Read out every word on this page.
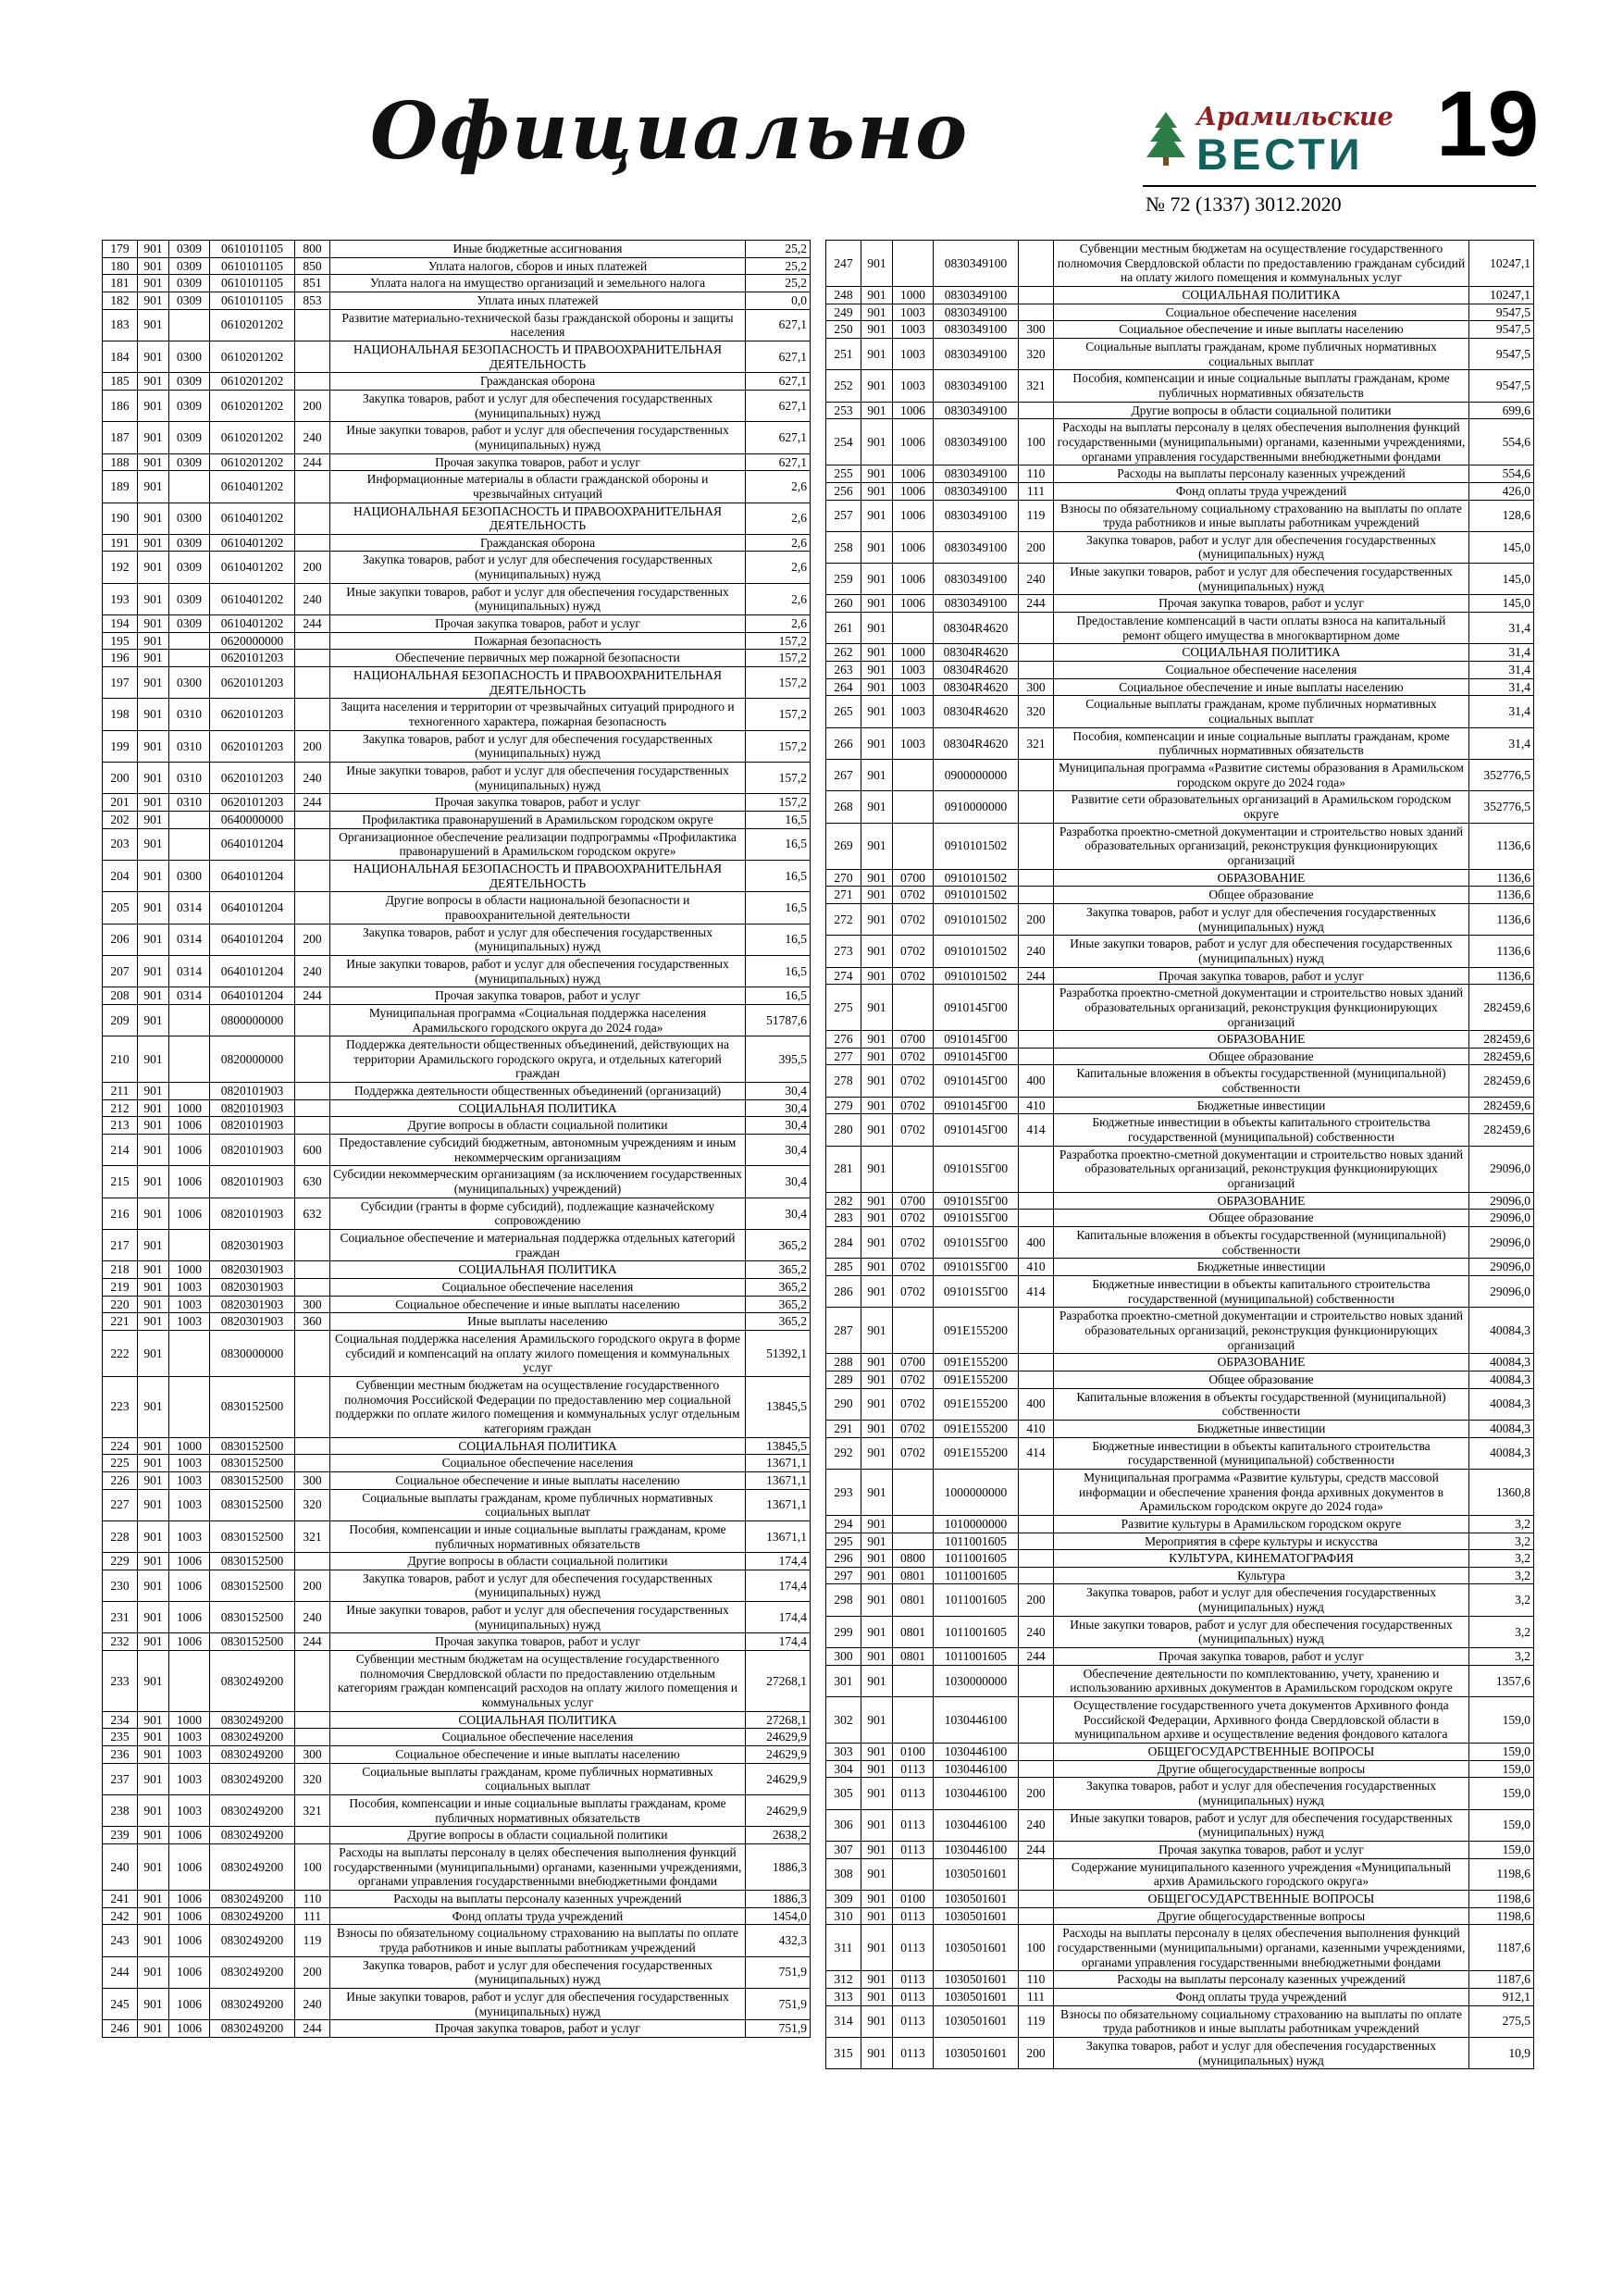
Официально	Арамильские
ВЕСТИ 19
№ 72 (1337) 3012.2020
179	901	0309	0610101105	800	Иные бюджетные ассигнования	25,2
180	901	0309	0610101105	850	Уплата налогов, сборов и иных платежей	25,2
181	901	0309	0610101105	851	Уплата налога на имущество организаций и земельного налога	25,2
182	901	0309	0610101105	853	Уплата иных платежей	0,0
183	901		0610201202		Развитие материально-технической базы гражданской обороны и защиты населения	627,1
184	901	0300	0610201202		НАЦИОНАЛЬНАЯ БЕЗОПАСНОСТЬ И ПРАВООХРАНИТЕЛЬНАЯ ДЕЯТЕЛЬНОСТЬ	627,1
185	901	0309	0610201202		Гражданская оборона	627,1
186	901	0309	0610201202	200	Закупка товаров, работ и услуг для обеспечения государственных (муниципальных) нужд	627,1
187	901	0309	0610201202	240	Иные закупки товаров, работ и услуг для обеспечения государственных (муниципальных) нужд	627,1
188	901	0309	0610201202	244	Прочая закупка товаров, работ и услуг	627,1
189	901		0610401202		Информационные материалы в области гражданской обороны и чрезвычайных ситуаций	2,6
190	901	0300	0610401202		НАЦИОНАЛЬНАЯ БЕЗОПАСНОСТЬ И ПРАВООХРАНИТЕЛЬНАЯ ДЕЯТЕЛЬНОСТЬ	2,6
191	901	0309	0610401202		Гражданская оборона	2,6
192	901	0309	0610401202	200	Закупка товаров, работ и услуг для обеспечения государственных (муниципальных) нужд	2,6
193	901	0309	0610401202	240	Иные закупки товаров, работ и услуг для обеспечения государственных (муниципальных) нужд	2,6
194	901	0309	0610401202	244	Прочая закупка товаров, работ и услуг	2,6
195	901		0620000000		Пожарная безопасность	157,2
196	901		0620101203		Обеспечение первичных мер пожарной безопасности	157,2
197	901	0300	0620101203		НАЦИОНАЛЬНАЯ БЕЗОПАСНОСТЬ И ПРАВООХРАНИТЕЛЬНАЯ ДЕЯТЕЛЬНОСТЬ	157,2
198	901	0310	0620101203		Защита населения и территории от чрезвычайных ситуаций природного и техногенного характера, пожарная безопасность	157,2
199	901	0310	0620101203	200	Закупка товаров, работ и услуг для обеспечения государственных (муниципальных) нужд	157,2
200	901	0310	0620101203	240	Иные закупки товаров, работ и услуг для обеспечения государственных (муниципальных) нужд	157,2
201	901	0310	0620101203	244	Прочая закупка товаров, работ и услуг	157,2
202	901		0640000000		Профилактика правонарушений в Арамильском городском округе	16,5
203	901		0640101204		Организационное обеспечение реализации подпрограммы «Профилактика правонарушений в Арамильском городском округе»	16,5
204	901	0300	0640101204		НАЦИОНАЛЬНАЯ БЕЗОПАСНОСТЬ И ПРАВООХРАНИТЕЛЬНАЯ ДЕЯТЕЛЬНОСТЬ	16,5
205	901	0314	0640101204		Другие вопросы в области национальной безопасности и правоохранительной деятельности	16,5
206	901	0314	0640101204	200	Закупка товаров, работ и услуг для обеспечения государственных (муниципальных) нужд	16,5
207	901	0314	0640101204	240	Иные закупки товаров, работ и услуг для обеспечения государственных (муниципальных) нужд	16,5
208	901	0314	0640101204	244	Прочая закупка товаров, работ и услуг	16,5
209	901		0800000000		Муниципальная программа «Социальная поддержка населения Арамильского городского округа до 2024 года»	51787,6
210	901		0820000000		Поддержка деятельности общественных объединений, действующих на территории Арамильского городского округа, и отдельных категорий граждан	395,5
211	901		0820101903		Поддержка деятельности общественных объединений (организаций)	30,4
212	901	1000	0820101903		СОЦИАЛЬНАЯ ПОЛИТИКА	30,4
213	901	1006	0820101903		Другие вопросы в области социальной политики	30,4
214	901	1006	0820101903	600	Предоставление субсидий бюджетным, автономным учреждениям и иным некоммерческим организациям	30,4
215	901	1006	0820101903	630	Субсидии некоммерческим организациям (за исключением государственных (муниципальных) учреждений)	30,4
216	901	1006	0820101903	632	Субсидии (гранты в форме субсидий), подлежащие казначейскому сопровождению	30,4
217	901		0820301903		Социальное обеспечение и материальная поддержка отдельных категорий граждан	365,2
218	901	1000	0820301903		СОЦИАЛЬНАЯ ПОЛИТИКА	365,2
219	901	1003	0820301903		Социальное обеспечение населения	365,2
220	901	1003	0820301903	300	Социальное обеспечение и иные выплаты населению	365,2
221	901	1003	0820301903	360	Иные выплаты населению	365,2
222	901		0830000000		Социальная поддержка населения Арамильского городского округа в форме субсидий и компенсаций на оплату жилого помещения и коммунальных услуг	51392,1
223	901		0830152500		Субвенции местным бюджетам на осуществление государственного полномочия Российской Федерации по предоставлению мер социальной поддержки по оплате жилого помещения и коммунальных услуг отдельным категориям граждан	13845,5
224	901	1000	0830152500		СОЦИАЛЬНАЯ ПОЛИТИКА	13845,5
225	901	1003	0830152500		Социальное обеспечение населения	13671,1
226	901	1003	0830152500	300	Социальное обеспечение и иные выплаты населению	13671,1
227	901	1003	0830152500	320	Социальные выплаты гражданам, кроме публичных нормативных социальных выплат	13671,1
228	901	1003	0830152500	321	Пособия, компенсации и иные социальные выплаты гражданам, кроме публичных нормативных обязательств	13671,1
229	901	1006	0830152500		Другие вопросы в области социальной политики	174,4
230	901	1006	0830152500	200	Закупка товаров, работ и услуг для обеспечения государственных (муниципальных) нужд	174,4
231	901	1006	0830152500	240	Иные закупки товаров, работ и услуг для обеспечения государственных (муниципальных) нужд	174,4
232	901	1006	0830152500	244	Прочая закупка товаров, работ и услуг	174,4
233	901		0830249200		Субвенции местным бюджетам на осуществление государственного полномочия Свердловской области по предоставлению отдельным категориям граждан компенсаций расходов на оплату жилого помещения и коммунальных услуг	27268,1
234	901	1000	0830249200		СОЦИАЛЬНАЯ ПОЛИТИКА	27268,1
235	901	1003	0830249200		Социальное обеспечение населения	24629,9
236	901	1003	0830249200	300	Социальное обеспечение и иные выплаты населению	24629,9
237	901	1003	0830249200	320	Социальные выплаты гражданам, кроме публичных нормативных социальных выплат	24629,9
238	901	1003	0830249200	321	Пособия, компенсации и иные социальные выплаты гражданам, кроме публичных нормативных обязательств	24629,9
239	901	1006	0830249200		Другие вопросы в области социальной политики	2638,2
240	901	1006	0830249200	100	Расходы на выплаты персоналу в целях обеспечения выполнения функций государственными (муниципальными) органами, казенными учреждениями, органами управления государственными внебюджетными фондами	1886,3
241	901	1006	0830249200	110	Расходы на выплаты персоналу казенных учреждений	1886,3
242	901	1006	0830249200	111	Фонд оплаты труда учреждений	1454,0
243	901	1006	0830249200	119	Взносы по обязательному социальному страхованию на выплаты по оплате труда работников и иные выплаты работникам учреждений	432,3
244	901	1006	0830249200	200	Закупка товаров, работ и услуг для обеспечения государственных (муниципальных) нужд	751,9
245	901	1006	0830249200	240	Иные закупки товаров, работ и услуг для обеспечения государственных (муниципальных) нужд	751,9
246	901	1006	0830249200	244	Прочая закупка товаров, работ и услуг	751,9
247	901		0830349100		Субвенции местным бюджетам на осуществление государственного полномочия Свердловской области по предоставлению гражданам субсидий на оплату жилого помещения и коммунальных услуг	10247,1
248	901	1000	0830349100		СОЦИАЛЬНАЯ ПОЛИТИКА	10247,1
249	901	1003	0830349100		Социальное обеспечение населения	9547,5
250	901	1003	0830349100	300	Социальное обеспечение и иные выплаты населению	9547,5
251	901	1003	0830349100	320	Социальные выплаты гражданам, кроме публичных нормативных социальных выплат	9547,5
252	901	1003	0830349100	321	Пособия, компенсации и иные социальные выплаты гражданам, кроме публичных нормативных обязательств	9547,5
253	901	1006	0830349100		Другие вопросы в области социальной политики	699,6
254	901	1006	0830349100	100	Расходы на выплаты персоналу в целях обеспечения выполнения функций государственными (муниципальными) органами, казенными учреждениями, органами управления государственными внебюджетными фондами	554,6
255	901	1006	0830349100	110	Расходы на выплаты персоналу казенных учреждений	554,6
256	901	1006	0830349100	111	Фонд оплаты труда учреждений	426,0
257	901	1006	0830349100	119	Взносы по обязательному социальному страхованию на выплаты по оплате труда работников и иные выплаты работникам учреждений	128,6
258	901	1006	0830349100	200	Закупка товаров, работ и услуг для обеспечения государственных (муниципальных) нужд	145,0
259	901	1006	0830349100	240	Иные закупки товаров, работ и услуг для обеспечения государственных (муниципальных) нужд	145,0
260	901	1006	0830349100	244	Прочая закупка товаров, работ и услуг	145,0
261	901		08304R4620		Предоставление компенсаций в части оплаты взноса на капитальный ремонт общего имущества в многоквартирном доме	31,4
262	901	1000	08304R4620		СОЦИАЛЬНАЯ ПОЛИТИКА	31,4
263	901	1003	08304R4620		Социальное обеспечение населения	31,4
264	901	1003	08304R4620	300	Социальное обеспечение и иные выплаты населению	31,4
265	901	1003	08304R4620	320	Социальные выплаты гражданам, кроме публичных нормативных социальных выплат	31,4
266	901	1003	08304R4620	321	Пособия, компенсации и иные социальные выплаты гражданам, кроме публичных нормативных обязательств	31,4
267	901		0900000000		Муниципальная программа «Развитие системы образования в Арамильском городском округе до 2024 года»	352776,5
268	901		0910000000		Развитие сети образовательных организаций в Арамильском городском округе	352776,5
269	901		0910101502		Разработка проектно-сметной документации и строительство новых зданий образовательных организаций, реконструкция функционирующих организаций	1136,6
270	901	0700	0910101502		ОБРАЗОВАНИЕ	1136,6
271	901	0702	0910101502		Общее образование	1136,6
272	901	0702	0910101502	200	Закупка товаров, работ и услуг для обеспечения государственных (муниципальных) нужд	1136,6
273	901	0702	0910101502	240	Иные закупки товаров, работ и услуг для обеспечения государственных (муниципальных) нужд	1136,6
274	901	0702	0910101502	244	Прочая закупка товаров, работ и услуг	1136,6
275	901		0910145Г00		Разработка проектно-сметной документации и строительство новых зданий образовательных организаций, реконструкция функционирующих организаций	282459,6
276	901	0700	0910145Г00		ОБРАЗОВАНИЕ	282459,6
277	901	0702	0910145Г00		Общее образование	282459,6
278	901	0702	0910145Г00	400	Капитальные вложения в объекты государственной (муниципальной) собственности	282459,6
279	901	0702	0910145Г00	410	Бюджетные инвестиции	282459,6
280	901	0702	0910145Г00	414	Бюджетные инвестиции в объекты капитального строительства государственной (муниципальной) собственности	282459,6
281	901		09101S5Г00		Разработка проектно-сметной документации и строительство новых зданий образовательных организаций, реконструкция функционирующих организаций	29096,0
282	901	0700	09101S5Г00		ОБРАЗОВАНИЕ	29096,0
283	901	0702	09101S5Г00		Общее образование	29096,0
284	901	0702	09101S5Г00	400	Капитальные вложения в объекты государственной (муниципальной) собственности	29096,0
285	901	0702	09101S5Г00	410	Бюджетные инвестиции	29096,0
286	901	0702	09101S5Г00	414	Бюджетные инвестиции в объекты капитального строительства государственной (муниципальной) собственности	29096,0
287	901		091E155200		Разработка проектно-сметной документации и строительство новых зданий образовательных организаций, реконструкция функционирующих организаций	40084,3
288	901	0700	091E155200		ОБРАЗОВАНИЕ	40084,3
289	901	0702	091E155200		Общее образование	40084,3
290	901	0702	091E155200	400	Капитальные вложения в объекты государственной (муниципальной) собственности	40084,3
291	901	0702	091E155200	410	Бюджетные инвестиции	40084,3
292	901	0702	091E155200	414	Бюджетные инвестиции в объекты капитального строительства государственной (муниципальной) собственности	40084,3
293	901		1000000000		Муниципальная программа «Развитие культуры, средств массовой информации и обеспечение хранения фонда архивных документов в Арамильском городском округе до 2024 года»	1360,8
294	901		1010000000		Развитие культуры в Арамильском городском округе	3,2
295	901		1011001605		Мероприятия в сфере культуры и искусства	3,2
296	901	0800	1011001605		КУЛЬТУРА, КИНЕМАТОГРАФИЯ	3,2
297	901	0801	1011001605		Культура	3,2
298	901	0801	1011001605	200	Закупка товаров, работ и услуг для обеспечения государственных (муниципальных) нужд	3,2
299	901	0801	1011001605	240	Иные закупки товаров, работ и услуг для обеспечения государственных (муниципальных) нужд	3,2
300	901	0801	1011001605	244	Прочая закупка товаров, работ и услуг	3,2
301	901		1030000000		Обеспечение деятельности по комплектованию, учету, хранению и использованию архивных документов в Арамильском городском округе	1357,6
302	901		1030446100		Осуществление государственного учета документов Архивного фонда Российской Федерации, Архивного фонда Свердловской области в муниципальном архиве и осуществление ведения фондового каталога	159,0
303	901	0100	1030446100		ОБЩЕГОСУДАРСТВЕННЫЕ ВОПРОСЫ	159,0
304	901	0113	1030446100		Другие общегосударственные вопросы	159,0
305	901	0113	1030446100	200	Закупка товаров, работ и услуг для обеспечения государственных (муниципальных) нужд	159,0
306	901	0113	1030446100	240	Иные закупки товаров, работ и услуг для обеспечения государственных (муниципальных) нужд	159,0
307	901	0113	1030446100	244	Прочая закупка товаров, работ и услуг	159,0
308	901		1030501601		Содержание муниципального казенного учреждения «Муниципальный архив Арамильского городского округа»	1198,6
309	901	0100	1030501601		ОБЩЕГОСУДАРСТВЕННЫЕ ВОПРОСЫ	1198,6
310	901	0113	1030501601		Другие общегосударственные вопросы	1198,6
311	901	0113	1030501601	100	Расходы на выплаты персоналу в целях обеспечения выполнения функций государственными (муниципальными) органами, казенными учреждениями, органами управления государственными внебюджетными фондами	1187,6
312	901	0113	1030501601	110	Расходы на выплаты персоналу казенных учреждений	1187,6
313	901	0113	1030501601	111	Фонд оплаты труда учреждений	912,1
314	901	0113	1030501601	119	Взносы по обязательному социальному страхованию на выплаты по оплате труда работников и иные выплаты работникам учреждений	275,5
315	901	0113	1030501601	200	Закупка товаров, работ и услуг для обеспечения государственных (муниципальных) нужд	10,9
